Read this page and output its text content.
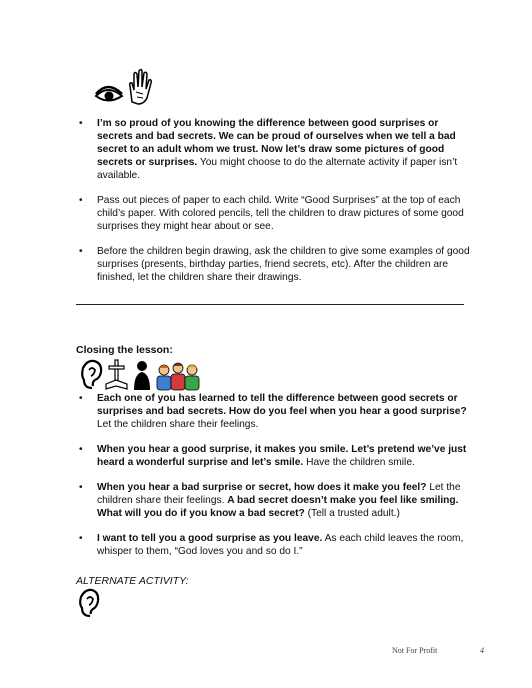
• I’m so proud of you knowing the difference between good surprises or secrets and bad secrets. We can be proud of ourselves when we tell a bad secret to an adult whom we trust. Now let’s draw some pictures of good secrets or surprises. You might choose to do the alternate activity if paper isn’t available.
• Pass out pieces of paper to each child. Write “Good Surprises” at the top of each child’s paper. With colored pencils, tell the children to draw pictures of some good surprises they might hear about or see.
• Before the children begin drawing, ask the children to give some examples of good surprises (presents, birthday parties, friend secrets, etc). After the children are finished, let the children share their drawings.
Closing the lesson:
• Each one of you has learned to tell the difference between good secrets or surprises and bad secrets. How do you feel when you hear a good surprise? Let the children share their feelings.
• When you hear a good surprise, it makes you smile. Let’s pretend we’ve just heard a wonderful surprise and let’s smile. Have the children smile.
• When you hear a bad surprise or secret, how does it make you feel? Let the children share their feelings. A bad secret doesn’t make you feel like smiling. What will you do if you know a bad secret? (Tell a trusted adult.)
• I want to tell you a good surprise as you leave. As each child leaves the room, whisper to them, “God loves you and so do I.”
ALTERNATE ACTIVITY:
Not For Profit	4
